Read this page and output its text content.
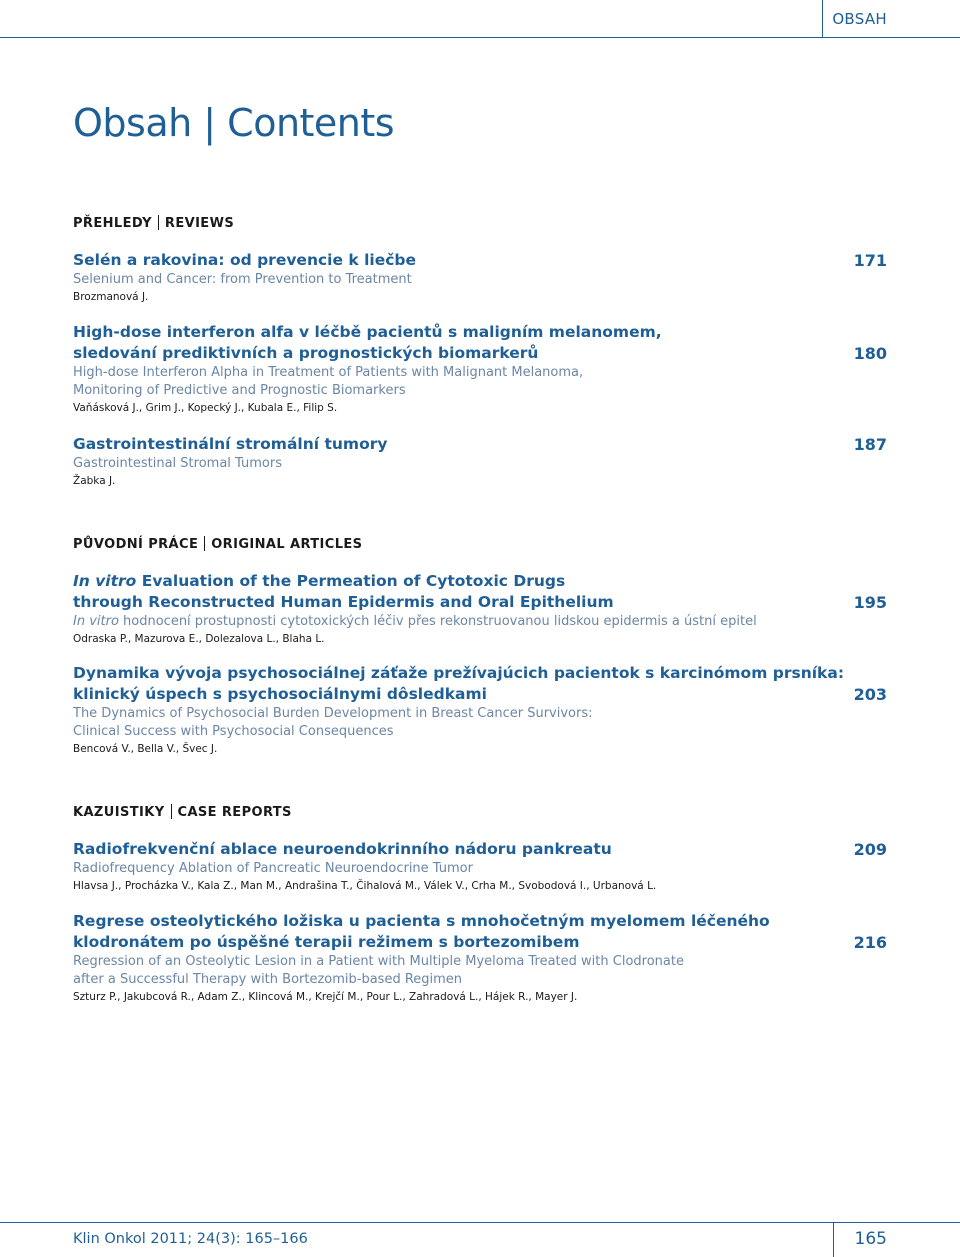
OBSAH
Obsah | Contents
PŘEHLEDY REVIEWS
Selén a rakovina: od prevencie k liečbe
Selenium and Cancer: from Prevention to Treatment
Brozmanová J.
171
High-dose interferon alfa v léčbě pacientů s maligním melanomem,
sledování prediktivních a prognostických biomarkerů
High-dose Interferon Alpha in Treatment of Patients with Malignant Melanoma,
Monitoring of Predictive and Prognostic Biomarkers
Vaňásková J., Grim J., Kopecký J., Kubala E., Filip S.
180
Gastrointestinální stromální tumory
Gastrointestinal Stromal Tumors
Žabka J.
187
PŮVODNÍ PRÁCE ORIGINAL ARTICLES
In vitro Evaluation of the Permeation of Cytotoxic Drugs
through Reconstructed Human Epidermis and Oral Epithelium
In vitro hodnocení prostupnosti cytotoxických léčiv přes rekonstruovanou lidskou epidermis a ústní epitel
Odraska P., Mazurova E., Dolezalova L., Blaha L.
195
Dynamika vývoja psychosociálnej záťaže prežívajúcich pacientok s karcinómom prsníka:
klinický úspech s psychosociálnymi dôsledkami
The Dynamics of Psychosocial Burden Development in Breast Cancer Survivors:
Clinical Success with Psychosocial Consequences
Bencová V., Bella V., Švec J.
203
KAZUISTIKY CASE REPORTS
Radiofrekvenční ablace neuroendokrinního nádoru pankreatu
Radiofrequency Ablation of Pancreatic Neuroendocrine Tumor
Hlavsa J., Procházka V., Kala Z., Man M., Andrašina T., Čihalová M., Válek V., Crha M., Svobodová I., Urbanová L.
209
Regrese osteolytického ložiska u pacienta s mnohočetným myelomem léčeného
klodronátem po úspěšné terapii režimem s bortezomibem
Regression of an Osteolytic Lesion in a Patient with Multiple Myeloma Treated with Clodronate
after a Successful Therapy with Bortezomib-based Regimen
Szturz P., Jakubcová R., Adam Z., Klincová M., Krejčí M., Pour L., Zahradová L., Hájek R., Mayer J.
216
Klin Onkol 2011; 24(3): 165–166	165
